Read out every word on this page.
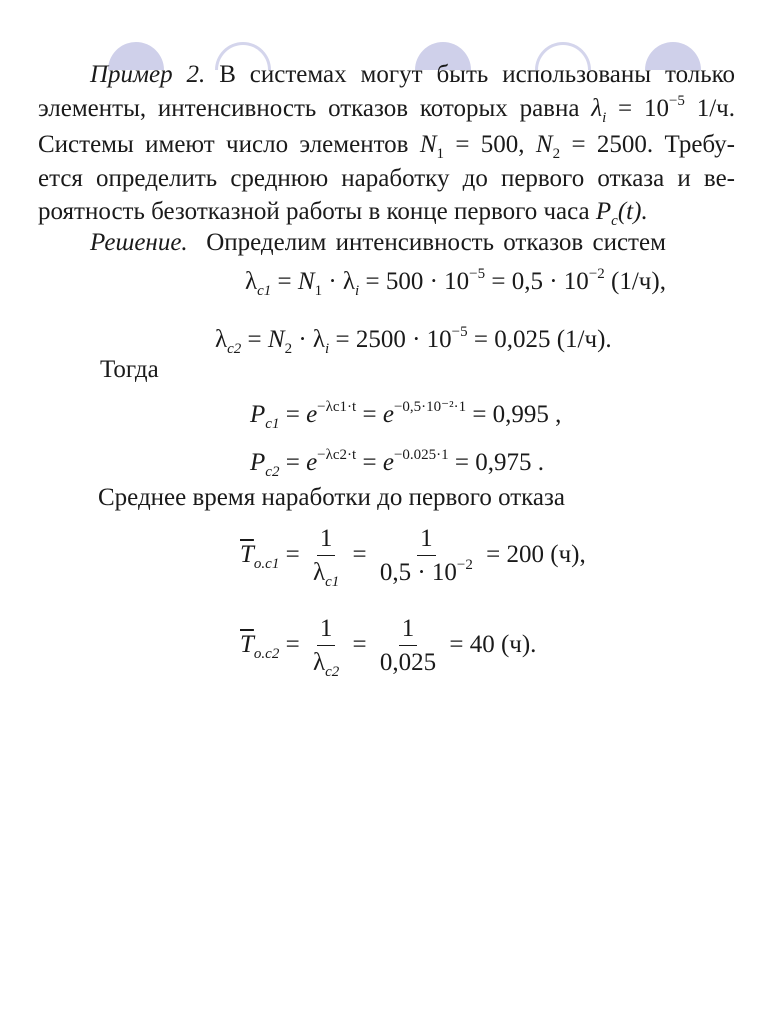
Пример 2. В системах могут быть использованы только
элементы, интенсивность отказов которых равна $\lambda_i = 10^{-5}$ 1/ч.
Системы имеют число элементов $N_1 = 500$, $N_2 = 2500$. Требу-
ется определить среднюю наработку до первого отказа и ве-
роятность безотказной работы в конце первого часа $P_c(t)$.
Решение. Определим интенсивность отказов систем
$\lambda_{c1} = N_1 \cdot \lambda_i = 500 \cdot 10^{-5} = 0,5 \cdot 10^{-2}$ (1/ч),
$\lambda_{c2} = N_2 \cdot \lambda_i = 2500 \cdot 10^{-5} = 0,025$ (1/ч).
Тогда
$P_{c1} = e^{-\lambda c1\cdot t} = e^{-0,5\cdot 10^{-2}\cdot 1} = 0,995$ ,
$P_{c2} = e^{-\lambda c2\cdot t} = e^{-0.025\cdot 1} = 0,975$ .
Среднее время наработки до первого отказа
$\overline{T}_{o.c1} = \frac{1}{\lambda_{c1}} = \frac{1}{0,5 \cdot 10^{-2}} = 200$ (ч),
$\overline{T}_{o.c2} = \frac{1}{\lambda_{c2}} = \frac{1}{0,025} = 40$ (ч).
